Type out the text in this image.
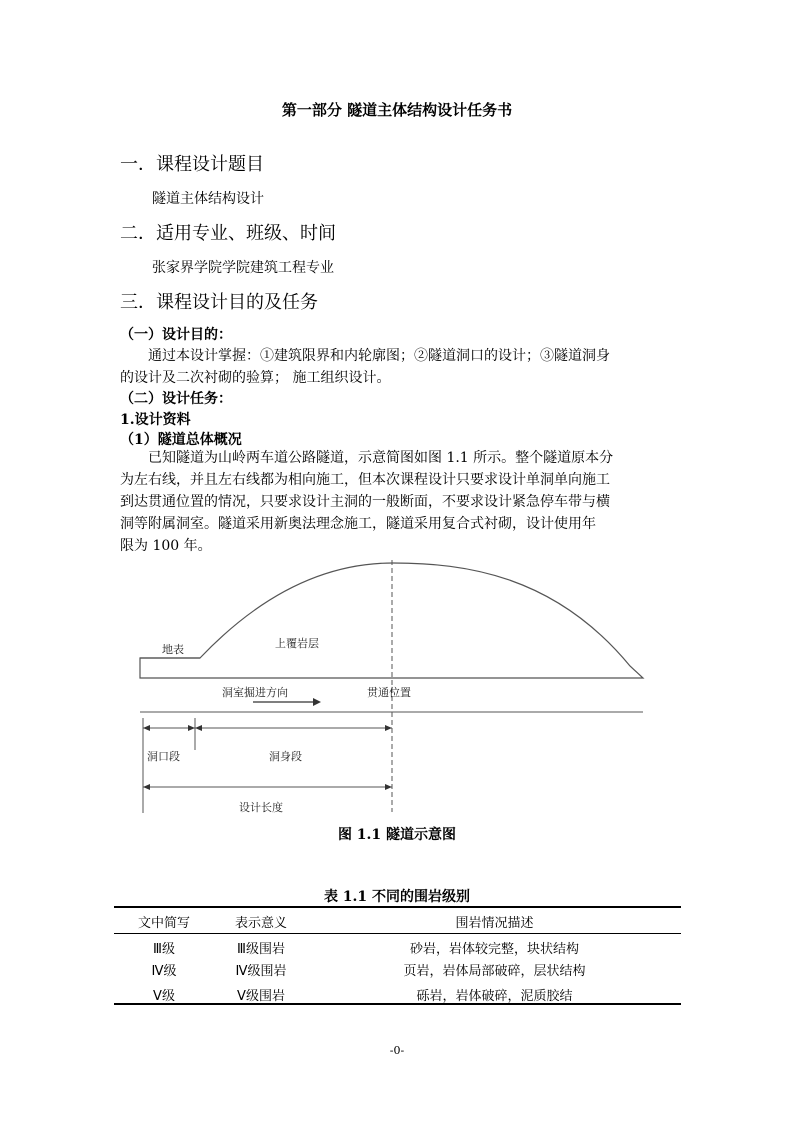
第一部分 隧道主体结构设计任务书

一．课程设计题目

隧道主体结构设计

二．适用专业、班级、时间

张家界学院学院建筑工程专业

三．课程设计目的及任务

（一）设计目的：

通过本设计掌握：①建筑限界和内轮廓图；②隧道洞口的设计；③隧道洞身

的设计及二次衬砌的验算； 施工组织设计。

（二）设计任务：

1.设计资料

（1）隧道总体概况

已知隧道为山岭两车道公路隧道，示意简图如图 1.1 所示。整个隧道原本分

为左右线，并且左右线都为相向施工，但本次课程设计只要求设计单洞单向施工

到达贯通位置的情况，只要求设计主洞的一般断面，不要求设计紧急停车带与横

洞等附属洞室。隧道采用新奥法理念施工，隧道采用复合式衬砌，设计使用年

限为 100 年。

地表	上覆岩层
洞室掘进方向	贯通位置
洞口段	洞身段
设计长度

图 1.1 隧道示意图

表 1.1 不同的围岩级别

文中简写	表示意义	围岩情况描述
Ⅲ级	Ⅲ级围岩	砂岩，岩体较完整，块状结构
Ⅳ级	Ⅳ级围岩	页岩，岩体局部破碎，层状结构
Ⅴ级	Ⅴ级围岩	砾岩，岩体破碎，泥质胶结

-0-
